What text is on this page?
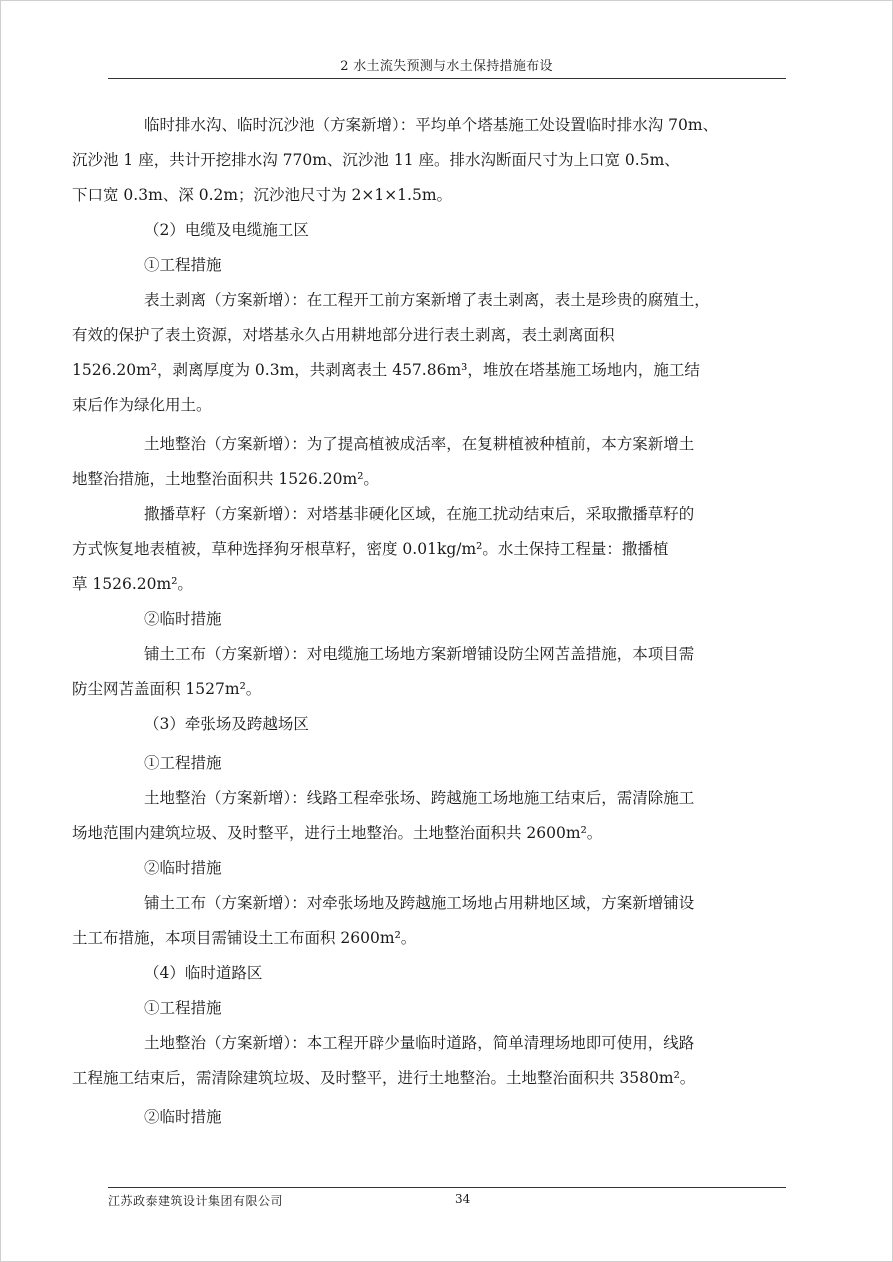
2 水土流失预测与水土保持措施布设

临时排水沟、临时沉沙池（方案新增）：平均单个塔基施工处设置临时排水沟 70m、
沉沙池 1 座，共计开挖排水沟 770m、沉沙池 11 座。排水沟断面尺寸为上口宽 0.5m、
下口宽 0.3m、深 0.2m；沉沙池尺寸为 2×1×1.5m。

（2）电缆及电缆施工区

①工程措施

表土剥离（方案新增）：在工程开工前方案新增了表土剥离，表土是珍贵的腐殖土，
有效的保护了表土资源，对塔基永久占用耕地部分进行表土剥离，表土剥离面积
1526.20m²，剥离厚度为 0.3m，共剥离表土 457.86m³，堆放在塔基施工场地内，施工结
束后作为绿化用土。

土地整治（方案新增）：为了提高植被成活率，在复耕植被种植前，本方案新增土
地整治措施，土地整治面积共 1526.20m²。

撒播草籽（方案新增）：对塔基非硬化区域，在施工扰动结束后，采取撒播草籽的
方式恢复地表植被，草种选择狗牙根草籽，密度 0.01kg/m²。水土保持工程量：撒播植
草 1526.20m²。

②临时措施

铺土工布（方案新增）：对电缆施工场地方案新增铺设防尘网苫盖措施，本项目需
防尘网苫盖面积 1527m²。

（3）牵张场及跨越场区

①工程措施

土地整治（方案新增）：线路工程牵张场、跨越施工场地施工结束后，需清除施工
场地范围内建筑垃圾、及时整平，进行土地整治。土地整治面积共 2600m²。

②临时措施

铺土工布（方案新增）：对牵张场地及跨越施工场地占用耕地区域，方案新增铺设
土工布措施，本项目需铺设土工布面积 2600m²。

（4）临时道路区

①工程措施

土地整治（方案新增）：本工程开辟少量临时道路，简单清理场地即可使用，线路
工程施工结束后，需清除建筑垃圾、及时整平，进行土地整治。土地整治面积共 3580m²。

②临时措施

江苏政泰建筑设计集团有限公司	34
